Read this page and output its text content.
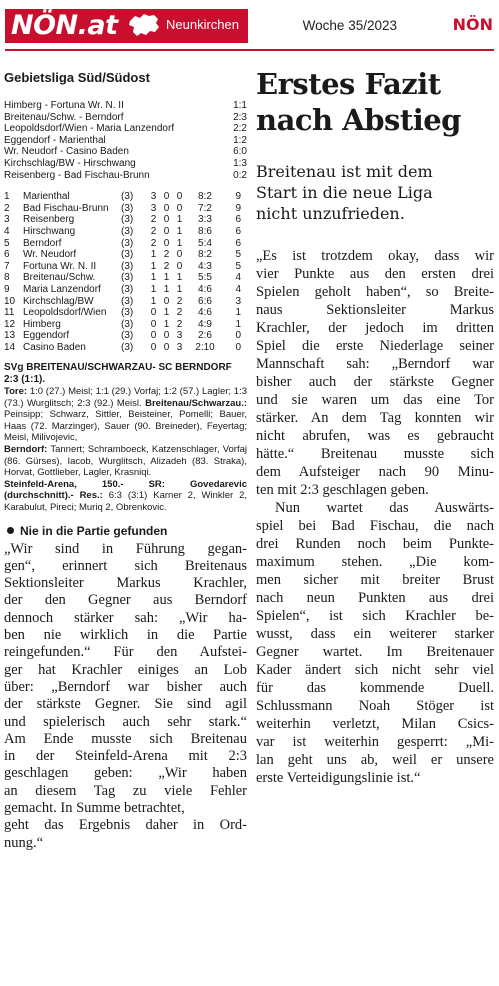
NÖN.at	Neunkirchen	Woche 35/2023	NÖN
Gebietsliga Süd/Südost
Himberg - Fortuna Wr. N. II	1:1
Breitenau/Schw. - Berndorf	2:3
Leopoldsdorf/Wien - Maria Lanzendorf	2:2
Eggendorf - Marienthal	1:2
Wr. Neudorf - Casino Baden	6:0
Kirchschlag/BW - Hirschwang	1:3
Reisenberg - Bad Fischau-Brunn	0:2
1	Marienthal	(3)	3 0 0	8:2	9
2	Bad Fischau-Brunn	(3)	3 0 0	7:2	9
3	Reisenberg	(3)	2 0 1	3:3	6
4	Hirschwang	(3)	2 0 1	8:6	6
5	Berndorf	(3)	2 0 1	5:4	6
6	Wr. Neudorf	(3)	1 2 0	8:2	5
7	Fortuna Wr. N. II	(3)	1 2 0	4:3	5
8	Breitenau/Schw.	(3)	1 1 1	5:5	4
9	Maria Lanzendorf	(3)	1 1 1	4:6	4
10 Kirchschlag/BW	(3)	1 0 2	6:6	3
11 Leopoldsdorf/Wien	(3)	0 1 2	4:6	1
12 Himberg	(3)	0 1 2	4:9	1
13 Eggendorf	(3)	0 0 3	2:6	0
14 Casino Baden	(3)	0 0 3	2:10	0
SVg BREITENAU/SCHWARZAU- SC BERNDORF
2:3 (1:1).
Tore: 1:0 (27.) Meisl; 1:1 (29.) Vorfaj; 1:2 (57.) Lagler; 1:3 (73.) Wurglitsch; 2:3 (92.) Meisl. Breitenau/Schwarzau.: Peinsipp; Schwarz, Sittler, Beisteiner, Pomelli; Bauer, Haas (72. Marzinger), Sauer (90. Breineder), Feyertag; Meisl, Milivojevic,
Berndorf: Tannert; Schramboeck, Katzenschlager, Vorfaj (86. Gürses), Iacob, Wurglitsch, Alizadeh (83. Straka), Horvat, Gottlieber, Lagler, Krasniqi.
Steinfeld-Arena, 150.- SR: Govedarevic (durchschnitt).- Res.: 6:3 (3:1) Karner 2, Winkler 2, Karabulut, Pireci; Muriq 2, Obrenkovic.
Nie in die Partie gefunden
„Wir sind in Führung gegan-
gen“, erinnert sich Breitenaus
Sektionsleiter Markus Krachler,
der den Gegner aus Berndorf
dennoch stärker sah: „Wir ha-
ben nie wirklich in die Partie
reingefunden.“ Für den Aufstei-
ger hat Krachler einiges an Lob
über: „Berndorf war bisher auch
der stärkste Gegner. Sie sind agil
und spielerisch auch sehr stark.“
Am Ende musste sich Breitenau
in der Steinfeld-Arena mit 2:3
geschlagen geben: „Wir haben
an diesem Tag zu viele Fehler
gemacht. In Summe betrachtet,
geht das Ergebnis daher in Ord-
nung.“
Erstes Fazit
nach Abstieg
Breitenau ist mit dem
Start in die neue Liga
nicht unzufrieden.
„Es ist trotzdem okay, dass wir
vier Punkte aus den ersten drei
Spielen geholt haben“, so Breite-
naus Sektionsleiter Markus
Krachler, der jedoch im dritten
Spiel die erste Niederlage seiner
Mannschaft sah: „Berndorf war
bisher auch der stärkste Gegner
und sie waren um das eine Tor
stärker. An dem Tag konnten wir
nicht abrufen, was es gebraucht
hätte.“ Breitenau musste sich
dem Aufsteiger nach 90 Minu-
ten mit 2:3 geschlagen geben.
Nun wartet das Auswärts-
spiel bei Bad Fischau, die nach
drei Runden noch beim Punkte-
maximum stehen. „Die kom-
men sicher mit breiter Brust
nach neun Punkten aus drei
Spielen“, ist sich Krachler be-
wusst, dass ein weiterer starker
Gegner wartet. Im Breitenauer
Kader ändert sich nicht sehr viel
für das kommende Duell.
Schlussmann Noah Stöger ist
weiterhin verletzt, Milan Csics-
var ist weiterhin gesperrt: „Mi-
lan geht uns ab, weil er unsere
erste Verteidigungslinie ist.“
